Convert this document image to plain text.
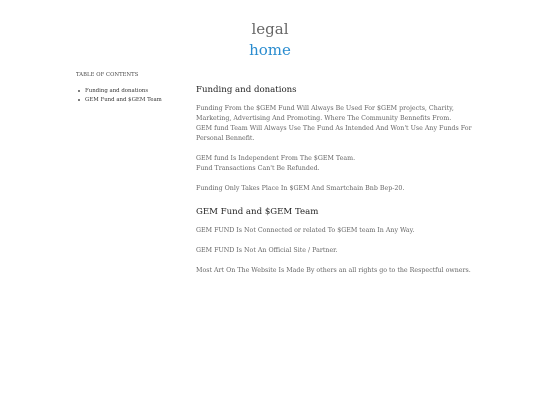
legal
home
TABLE OF CONTENTS
Funding and donations
GEM Fund and $GEM Team
Funding and donations

Funding From the $GEM Fund Will Always Be Used For $GEM projects, Charity,
Marketing, Advertising And Promoting. Where The Community Bennefits From.
GEM fund Team Will Always Use The Fund As Intended And Won't Use Any Funds For
Personal Bennefit.

GEM fund Is Independent From The $GEM Team.
Fund Transactions Can't Be Refunded.

Funding Only Takes Place In $GEM And Smartchain Bnb Bep-20.

GEM Fund and $GEM Team

GEM FUND Is Not Connected or related To $GEM team In Any Way.

GEM FUND Is Not An Official Site / Partner.

Most Art On The Website Is Made By others an all rights go to the Respectful owners.
